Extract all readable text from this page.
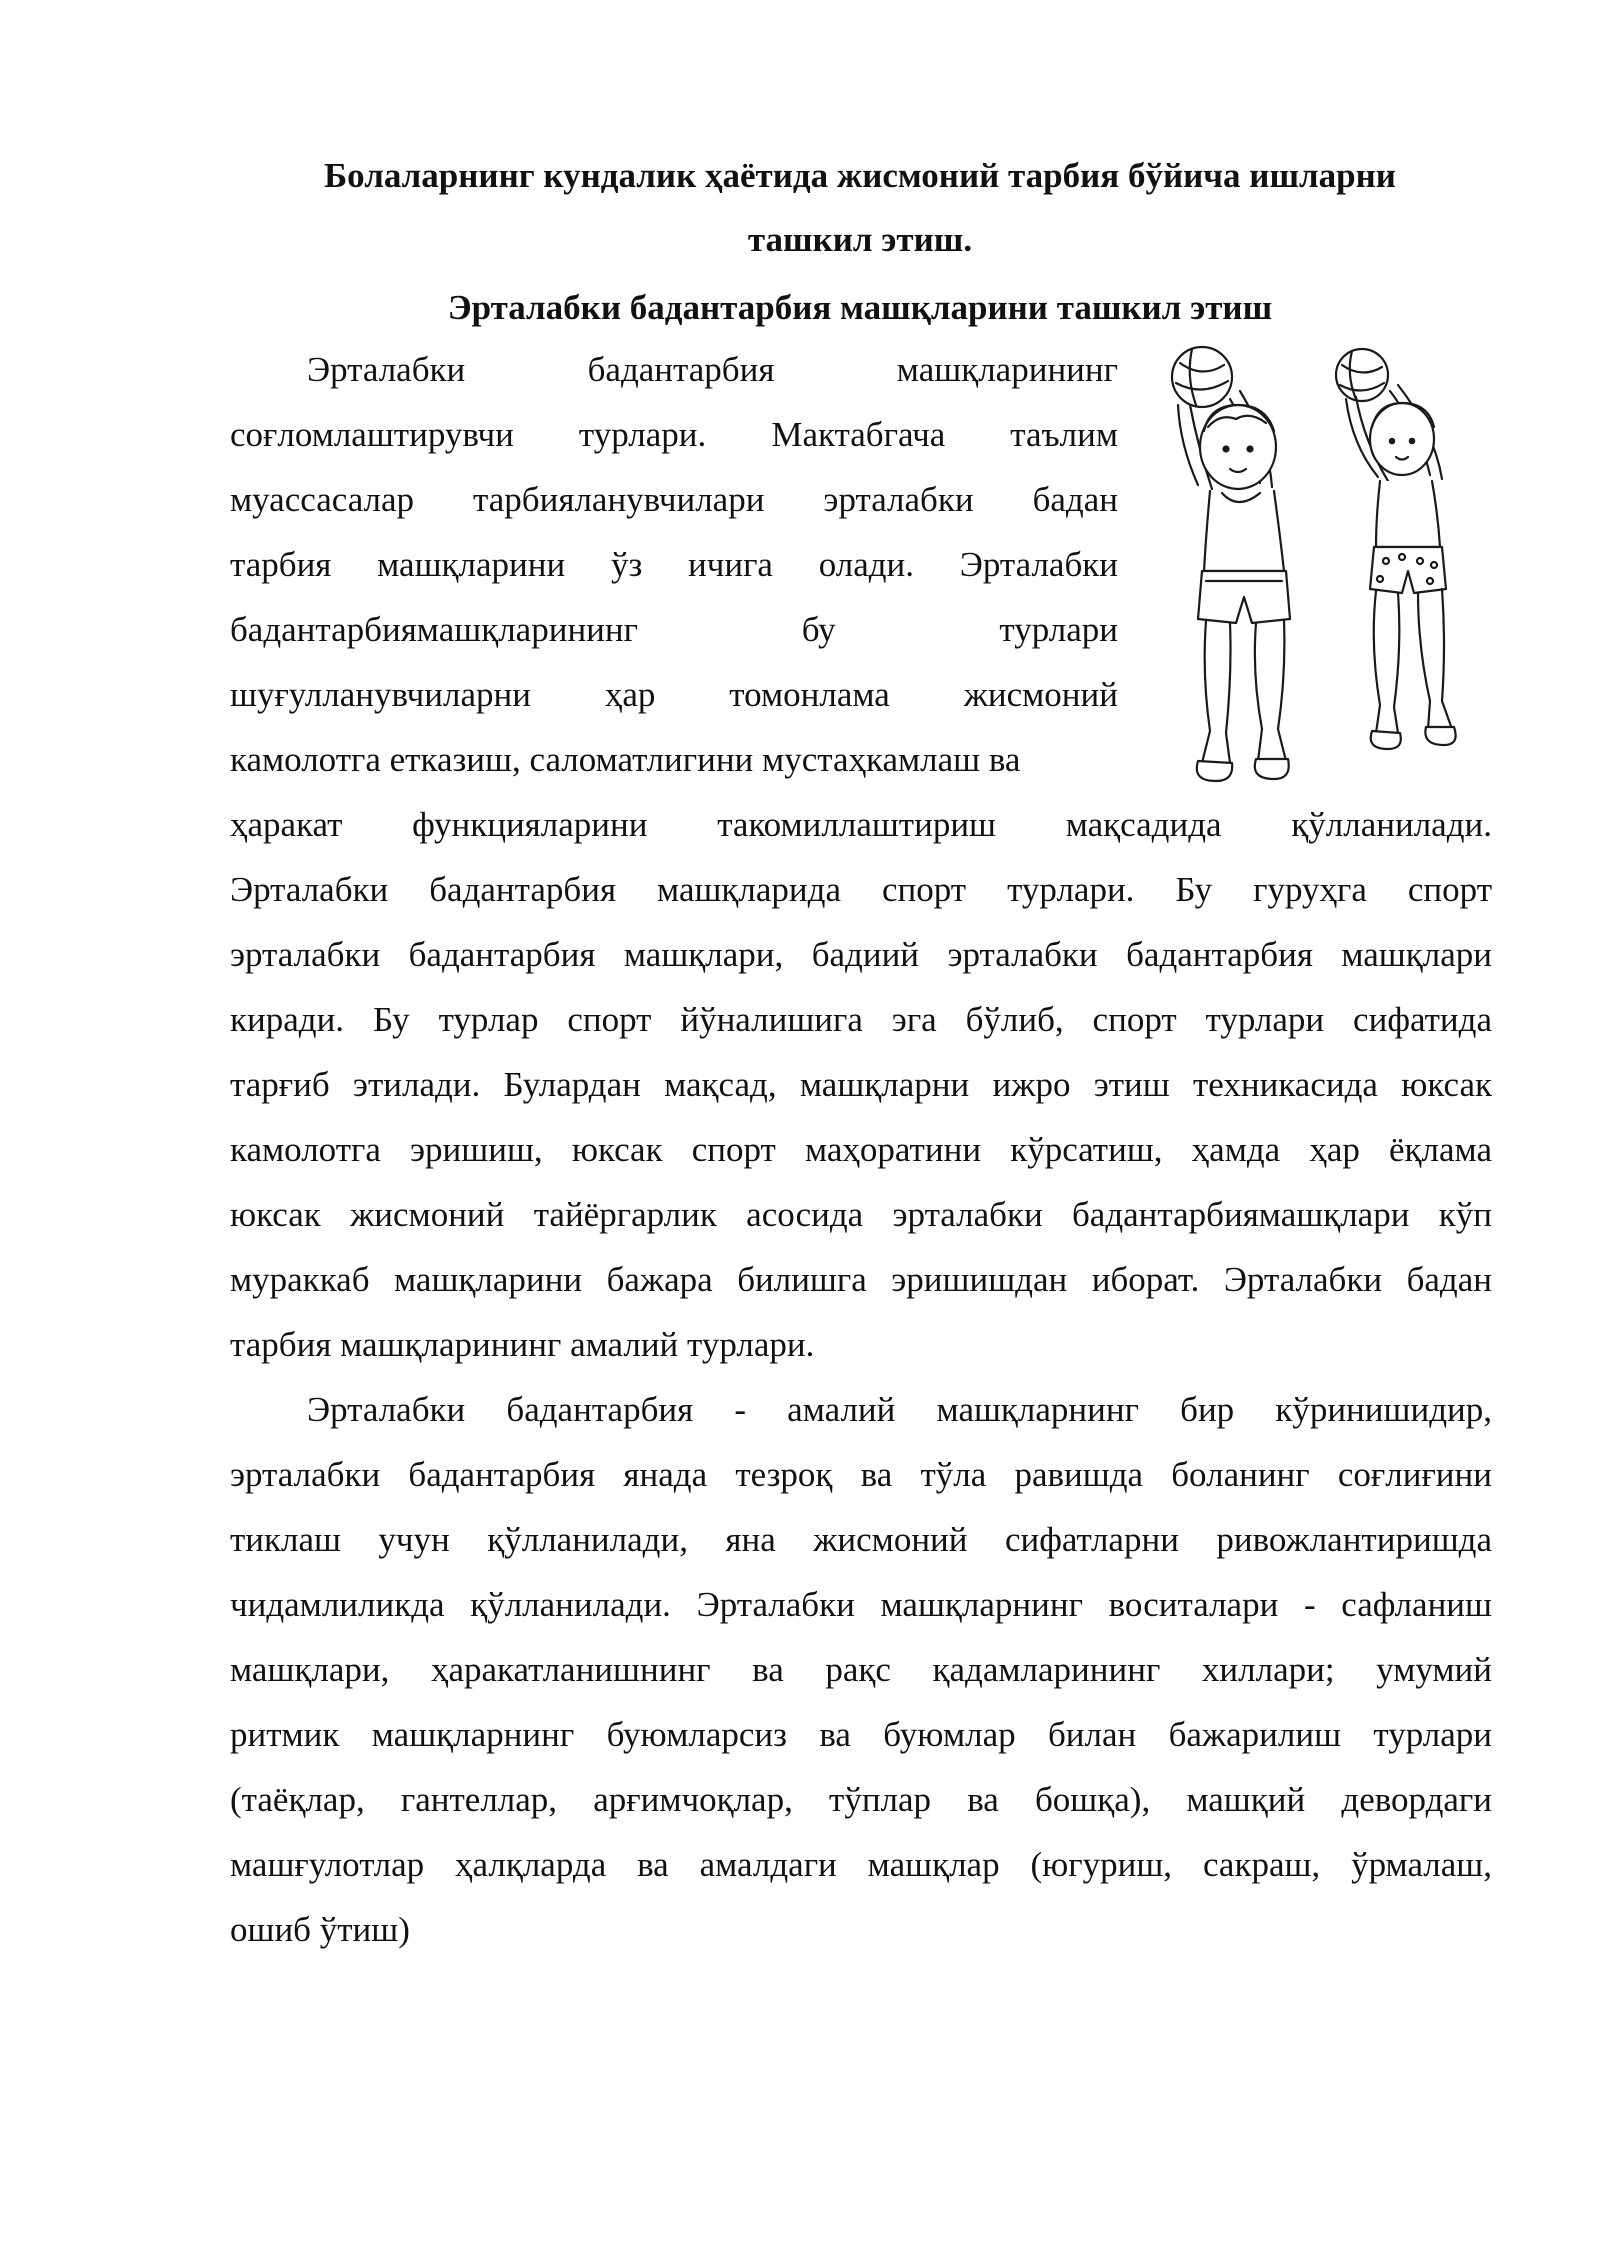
Болаларнинг кундалик ҳаётида жисмоний тарбия бўйича ишларни
ташкил этиш.
Эрталабки бадантарбия машқларини ташкил этиш
Эрталабки бадантарбия машқларининг
соғломлаштирувчи турлари. Мактабгача таълим
муассасалар тарбияланувчилари эрталабки бадан
тарбия машқларини ўз ичига олади. Эрталабки
бадантарбиямашқларининг бу турлари
шуғулланувчиларни ҳар томонлама жисмоний
камолотга етказиш, саломатлигини мустаҳкамлаш ва
ҳаракат функцияларини такомиллаштириш мақсадида қўлланилади.
Эрталабки бадантарбия машқларида спорт турлари. Бу гуруҳга спорт
эрталабки бадантарбия машқлари, бадиий эрталабки бадантарбия машқлари
киради. Бу турлар спорт йўналишига эга бўлиб, спорт турлари сифатида
тарғиб этилади. Булардан мақсад, машқларни ижро этиш техникасида юксак
камолотга эришиш, юксак спорт маҳоратини кўрсатиш, ҳамда ҳар ёқлама
юксак жисмоний тайёргарлик асосида эрталабки бадантарбиямашқлари кўп
мураккаб машқларини бажара билишга эришишдан иборат. Эрталабки бадан
тарбия машқларининг амалий турлари.
Эрталабки бадантарбия - амалий машқларнинг бир кўринишидир,
эрталабки бадантарбия янада тезроқ ва тўла равишда боланинг соғлиғини
тиклаш учун қўлланилади, яна жисмоний сифатларни ривожлантиришда
чидамлиликда қўлланилади. Эрталабки машқларнинг воситалари - сафланиш
машқлари, ҳаракатланишнинг ва рақс қадамларининг хиллари; умумий
ритмик машқларнинг буюмларсиз ва буюмлар билан бажарилиш турлари
(таёқлар, гантеллар, арғимчоқлар, тўплар ва бошқа), машқий девордаги
машғулотлар ҳалқларда ва амалдаги машқлар (югуриш, сакраш, ўрмалаш,
ошиб ўтиш)
